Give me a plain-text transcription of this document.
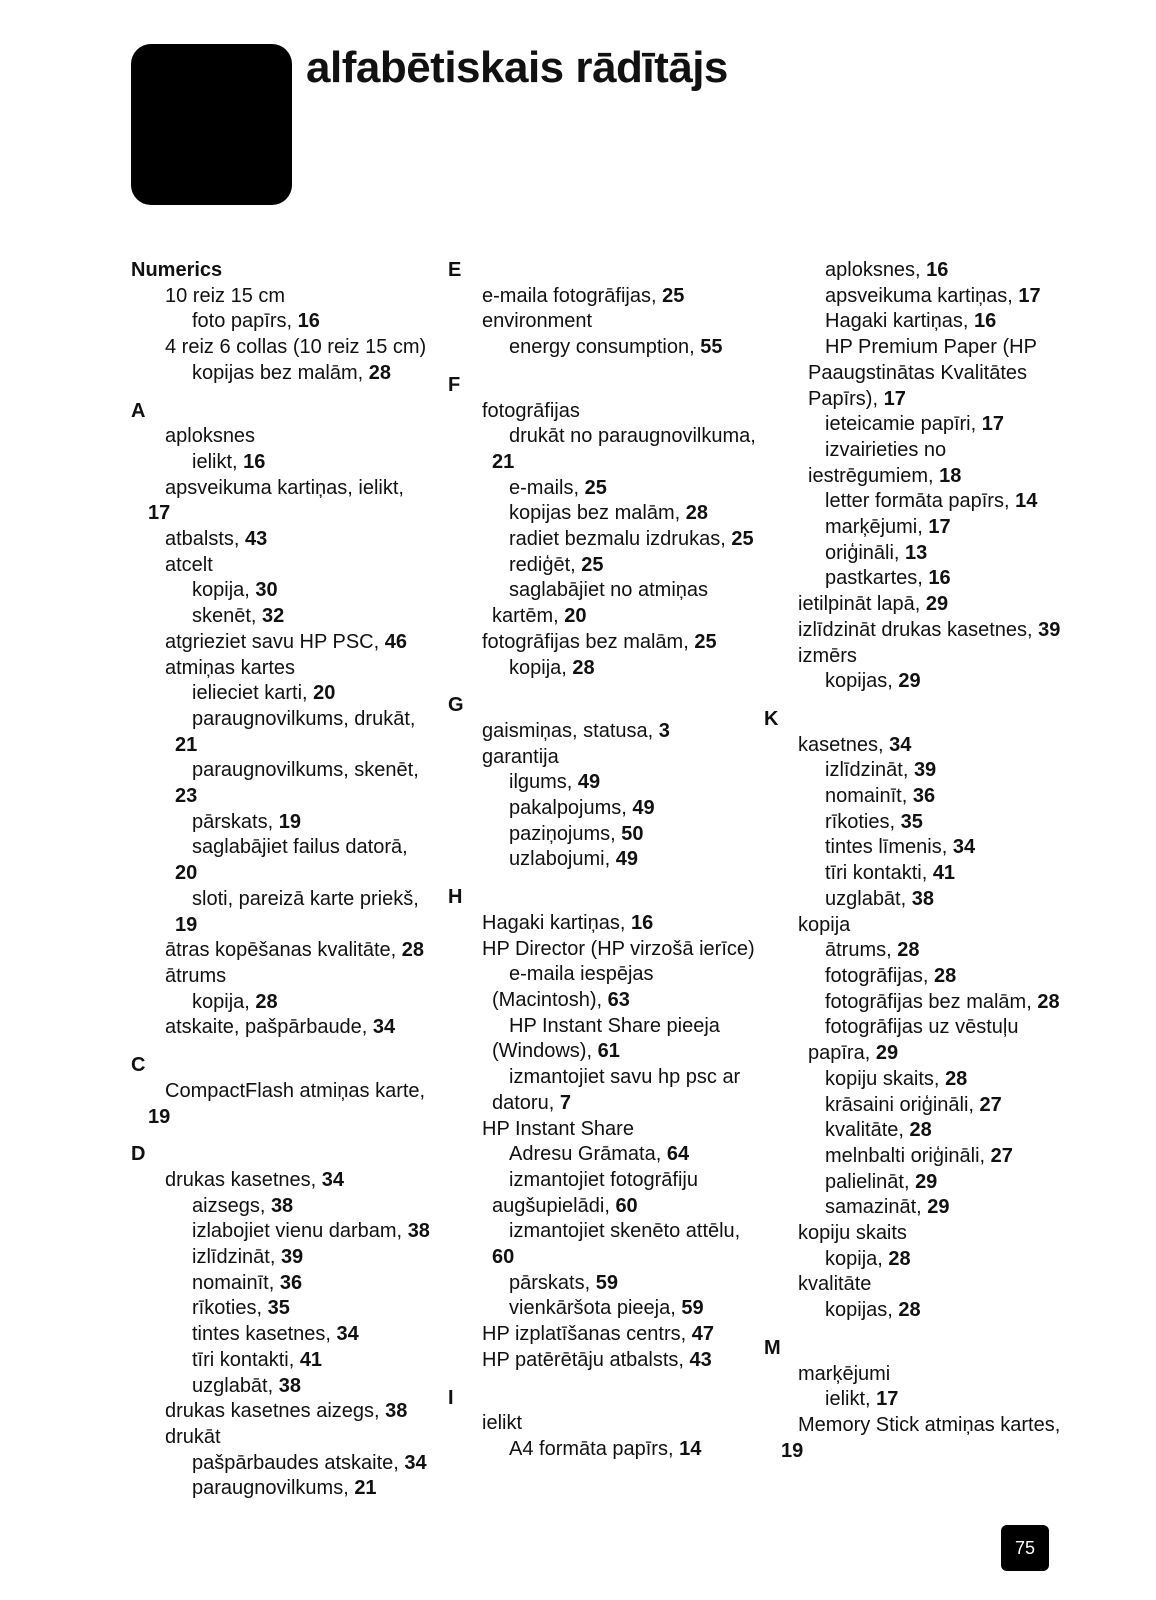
alfabētiskais rādītājs
Numerics
10 reiz 15 cm
foto papīrs, 16
4 reiz 6 collas (10 reiz 15 cm)
kopijas bez malām, 28
A
aploksnes
ielikt, 16
apsveikuma kartiņas, ielikt, 17
atbalsts, 43
atcelt
kopija, 30
skenēt, 32
atgrieziet savu HP PSC, 46
atmiņas kartes
ielieciet karti, 20
paraugnovilkums, drukāt, 21
paraugnovilkums, skenēt, 23
pārskats, 19
saglabājiet failus datorā, 20
sloti, pareizā karte priekš, 19
ātras kopēšanas kvalitāte, 28
ātrums
kopija, 28
atskaite, pašpārbaude, 34
C
CompactFlash atmiņas karte, 19
D
drukas kasetnes, 34
aizsegs, 38
izlabojiet vienu darbam, 38
izlīdzināt, 39
nomainīt, 36
rīkoties, 35
tintes kasetnes, 34
tīri kontakti, 41
uzglabāt, 38
drukas kasetnes aizegs, 38
drukāt
pašpārbaudes atskaite, 34
paraugnovilkums, 21
E
e-maila fotogrāfijas, 25
environment
energy consumption, 55
F
fotogrāfijas
drukāt no paraugnovilkuma, 21
e-mails, 25
kopijas bez malām, 28
radiet bezmalu izdrukas, 25
rediģēt, 25
saglabājiet no atmiņas kartēm, 20
fotogrāfijas bez malām, 25
kopija, 28
G
gaismiņas, statusa, 3
garantija
ilgums, 49
pakalpojums, 49
paziņojums, 50
uzlabojumi, 49
H
Hagaki kartiņas, 16
HP Director (HP virzošā ierīce)
e-maila iespējas (Macintosh), 63
HP Instant Share pieeja (Windows), 61
izmantojiet savu hp psc ar datoru, 7
HP Instant Share
Adresu Grāmata, 64
izmantojiet fotogrāfiju augšupielādi, 60
izmantojiet skenēto attēlu, 60
pārskats, 59
vienkāršota pieeja, 59
HP izplatīšanas centrs, 47
HP patērētāju atbalsts, 43
I
ielikt
A4 formāta papīrs, 14
aploksnes, 16
apsveikuma kartiņas, 17
Hagaki kartiņas, 16
HP Premium Paper (HP Paaugstinātas Kvalitātes Papīrs), 17
ieteicamie papīri, 17
izvairieties no iestrēgumiem, 18
letter formāta papīrs, 14
marķējumi, 17
oriģināli, 13
pastkartes, 16
ietilpināt lapā, 29
izlīdzināt drukas kasetnes, 39
izmērs
kopijas, 29
K
kasetnes, 34
izlīdzināt, 39
nomainīt, 36
rīkoties, 35
tintes līmenis, 34
tīri kontakti, 41
uzglabāt, 38
kopija
ātrums, 28
fotogrāfijas, 28
fotogrāfijas bez malām, 28
fotogrāfijas uz vēstuļu papīra, 29
kopiju skaits, 28
krāsaini oriģināli, 27
kvalitāte, 28
melnbalti oriģināli, 27
palielināt, 29
samazināt, 29
kopiju skaits
kopija, 28
kvalitāte
kopijas, 28
M
marķējumi
ielikt, 17
Memory Stick atmiņas kartes, 19
75
